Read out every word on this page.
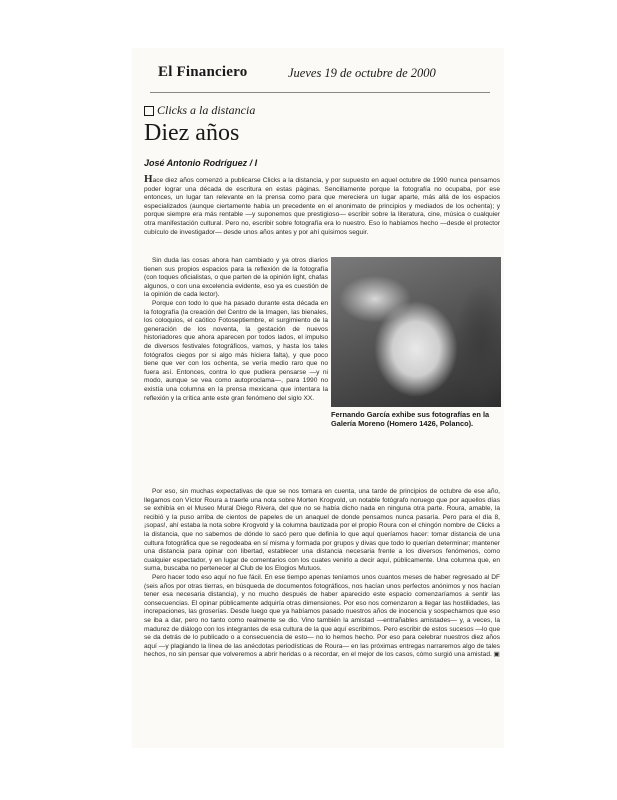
El Financiero	Jueves 19 de octubre de 2000
Clicks a la distancia
Diez años
José Antonio Rodríguez / I

Hace diez años comenzó a publicarse Clicks a la distancia, y por supuesto en aquel octubre de 1990 nunca pensamos poder lograr una década de escritura en estas páginas. Sencillamente porque la fotografía no ocupaba, por ese entonces, un lugar tan relevante en la prensa como para que mereciera un lugar aparte, más allá de los espacios especializados (aunque ciertamente había un precedente en el anonimato de principios y mediados de los ochenta); y porque siempre era más rentable —y suponemos que prestigioso— escribir sobre la literatura, cine, música o cualquier otra manifestación cultural. Pero no, escribir sobre fotografía era lo nuestro. Eso lo habíamos hecho —desde el protector cubículo de investigador— desde unos años antes y por ahí quisimos seguir.

Sin duda las cosas ahora han cambiado y ya otros diarios tienen sus propios espacios para la reflexión de la fotografía (con toques oficialistas, o que parten de la opinión light, chafas algunos, o con una excelencia evidente, eso ya es cuestión de la opinión de cada lector).

Porque con todo lo que ha pasado durante esta década en la fotografía (la creación del Centro de la Imagen, las bienales, los coloquios, el caótico Fotoseptiembre, el surgimiento de la generación de los noventa, la gestación de nuevos historiadores que ahora aparecen por todos lados, el impulso de diversos festivales fotográficos, vamos, y hasta los tales fotógrafos ciegos por si algo más hiciera falta), y que poco tiene que ver con los ochenta, se vería medio raro que no fuera así. Entonces, contra lo que pudiera pensarse —y ni modo, aunque se vea como autoproclama—, para 1990 no existía una columna en la prensa mexicana que intentara la reflexión y la crítica ante este gran fenómeno del siglo XX.

Fernando García exhibe sus fotografías en la Galería Moreno (Homero 1426, Polanco).

Por eso, sin muchas expectativas de que se nos tomara en cuenta, una tarde de principios de octubre de ese año, llegamos con Víctor Roura a traerle una nota sobre Morten Krogvold, un notable fotógrafo noruego que por aquellos días se exhibía en el Museo Mural Diego Rivera, del que no se había dicho nada en ninguna otra parte. Roura, amable, la recibió y la puso arriba de cientos de papeles de un anaquel de donde pensamos nunca pasaría. Pero para el día 8, ¡sopas!, ahí estaba la nota sobre Krogvold y la columna bautizada por el propio Roura con el chingón nombre de Clicks a la distancia, que no sabemos de dónde lo sacó pero que definía lo que aquí queríamos hacer: tomar distancia de una cultura fotográfica que se regodeaba en sí misma y formada por grupos y divas que todo lo querían determinar; mantener una distancia para opinar con libertad, establecer una distancia necesaria frente a los diversos fenómenos, como cualquier espectador, y en lugar de comentarios con los cuates venirlo a decir aquí, públicamente. Una columna que, en suma, buscaba no pertenecer al Club de los Elogios Mutuos.

Pero hacer todo eso aquí no fue fácil. En ese tiempo apenas teníamos unos cuantos meses de haber regresado al DF (seis años por otras tierras, en búsqueda de documentos fotográficos, nos hacían unos perfectos anónimos y nos hacían tener esa necesaria distancia), y no mucho después de haber aparecido este espacio comenzaríamos a sentir las consecuencias. El opinar públicamente adquiría otras dimensiones. Por eso nos comenzaron a llegar las hostilidades, las increpaciones, las groserías. Desde luego que ya habíamos pasado nuestros años de inocencia y sospechamos que eso se iba a dar, pero no tanto como realmente se dio. Vino también la amistad —entrañables amistades— y, a veces, la madurez de diálogo con los integrantes de esa cultura de la que aquí escribimos. Pero escribir de estos sucesos —lo que se da detrás de lo publicado o a consecuencia de esto— no lo hemos hecho. Por eso para celebrar nuestros diez años aquí —y plagiando la línea de las anécdotas periodísticas de Roura— en las próximas entregas narraremos algo de tales hechos, no sin pensar que volveremos a abrir heridas o a recordar, en el mejor de los casos, cómo surgió una amistad. ▣
